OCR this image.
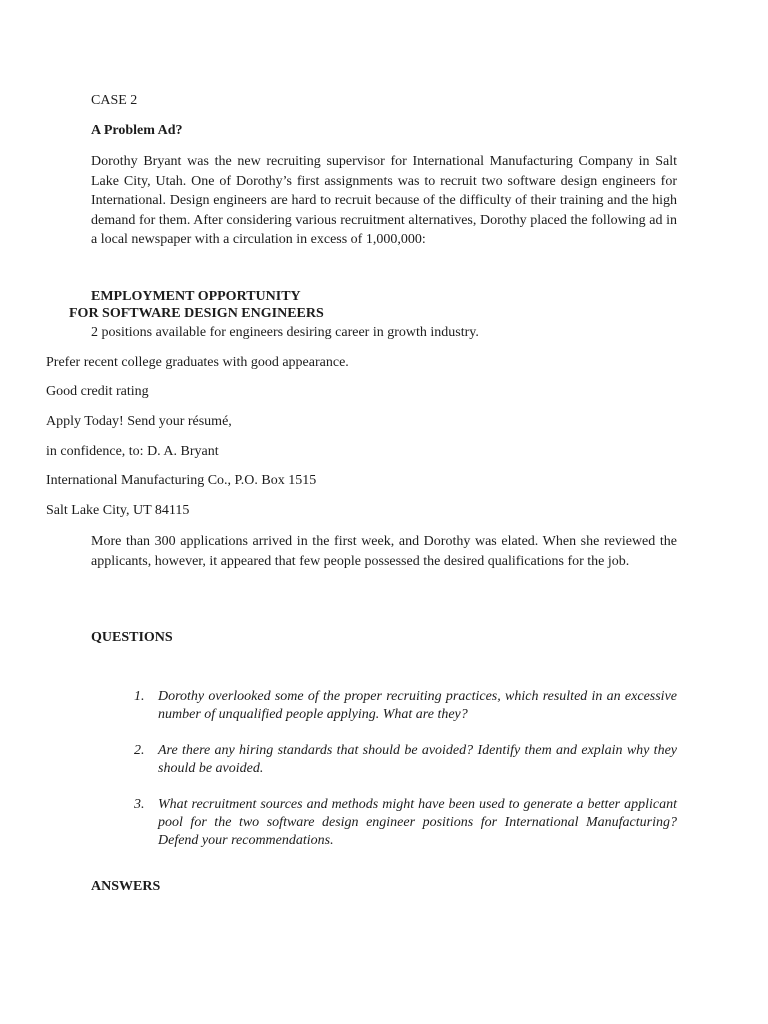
CASE 2

A Problem Ad?

Dorothy Bryant was the new recruiting supervisor for International Manufacturing Company in Salt Lake City, Utah. One of Dorothy’s first assignments was to recruit two software design engineers for International. Design engineers are hard to recruit because of the difficulty of their training and the high demand for them. After considering various recruitment alternatives, Dorothy placed the following ad in a local newspaper with a circulation in excess of 1,000,000:

EMPLOYMENT OPPORTUNITY

FOR SOFTWARE DESIGN ENGINEERS

2 positions available for engineers desiring career in growth industry.

Prefer recent college graduates with good appearance.

Good credit rating

Apply Today! Send your résumé,

in confidence, to: D. A. Bryant

International Manufacturing Co., P.O. Box 1515

Salt Lake City, UT 84115

More than 300 applications arrived in the first week, and Dorothy was elated. When she reviewed the applicants, however, it appeared that few people possessed the desired qualifications for the job.

QUESTIONS

1. Dorothy overlooked some of the proper recruiting practices, which resulted in an excessive number of unqualified people applying. What are they?
2. Are there any hiring standards that should be avoided? Identify them and explain why they should be avoided.
3. What recruitment sources and methods might have been used to generate a better applicant pool for the two software design engineer positions for International Manufacturing? Defend your recommendations.

ANSWERS
